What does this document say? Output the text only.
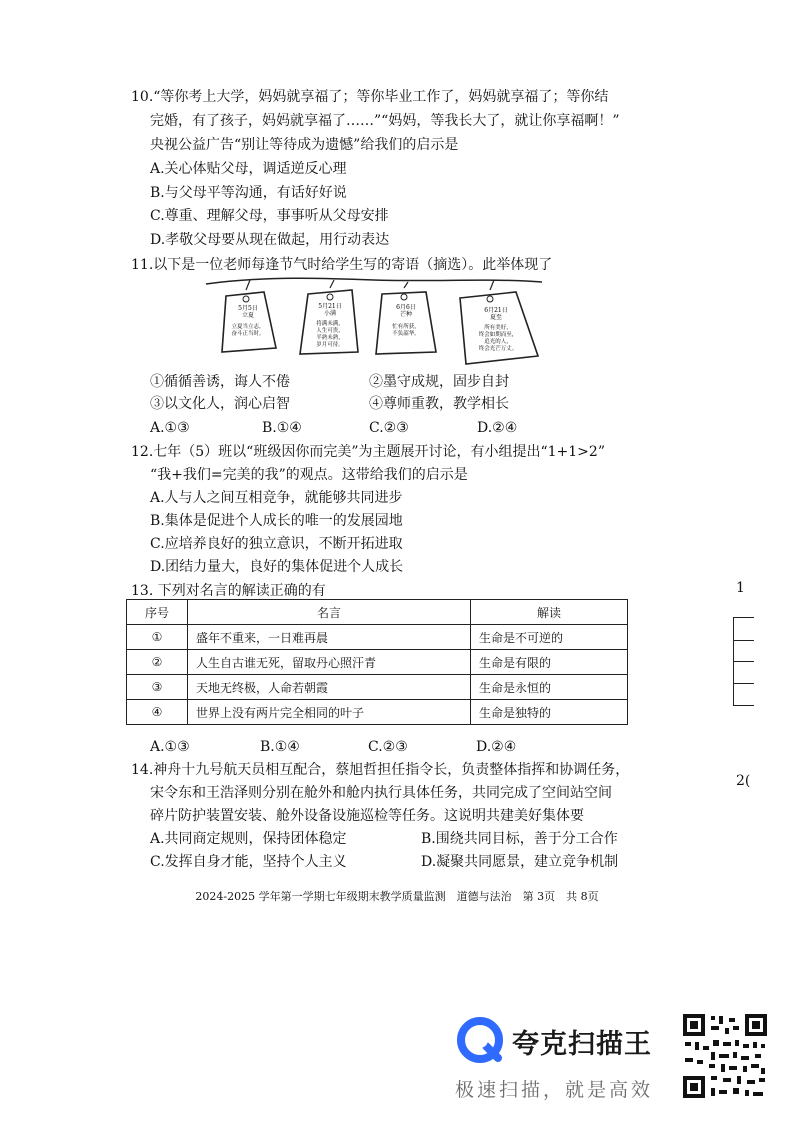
10.“等你考上大学，妈妈就享福了；等你毕业工作了，妈妈就享福了；等你结
完婚，有了孩子，妈妈就享福了……”“妈妈，等我长大了，就让你享福啊！”
央视公益广告“别让等待成为遗憾”给我们的启示是
A.关心体贴父母，调适逆反心理
B.与父母平等沟通，有话好好说
C.尊重、理解父母，事事听从父母安排
D.孝敬父母要从现在做起，用行动表达
11.以下是一位老师每逢节气时给学生写的寄语（摘选）。此举体现了
5月5日
立夏
立夏当立志，
奋斗正当时。
5月21日
小满
将满未满，
人生可贵，
半熟未熟，
岁月可待。
6月6日
芒种
忙有所获，
不负韶华。
6月21日
夏至
所有美好，
终会如期而至，
追光的人，
终会光芒万丈。
①循循善诱，诲人不倦	②墨守成规，固步自封
③以文化人，润心启智	④尊师重教，教学相长
A.①③	B.①④	C.②③	D.②④
12.七年（5）班以“班级因你而完美”为主题展开讨论，有小组提出“1+1>2”
“我+我们=完美的我”的观点。这带给我们的启示是
A.人与人之间互相竞争，就能够共同进步
B.集体是促进个人成长的唯一的发展园地
C.应培养良好的独立意识，不断开拓进取
D.团结力量大，良好的集体促进个人成长
13. 下列对名言的解读正确的有
序号	名言	解读
①	盛年不重来，一日难再晨	生命是不可逆的
②	人生自古谁无死，留取丹心照汗青	生命是有限的
③	天地无终极，人命若朝霞	生命是永恒的
④	世界上没有两片完全相同的叶子	生命是独特的
A.①③	B.①④	C.②③	D.②④
14.神舟十九号航天员相互配合，蔡旭哲担任指令长，负责整体指挥和协调任务，
宋令东和王浩泽则分别在舱外和舱内执行具体任务，共同完成了空间站空间
碎片防护装置安装、舱外设备设施巡检等任务。这说明共建美好集体要
A.共同商定规则，保持团体稳定	B.围绕共同目标，善于分工合作
C.发挥自身才能，坚持个人主义	D.凝聚共同愿景，建立竞争机制
1
2(
2024-2025 学年第一学期七年级期末教学质量监测　道德与法治　第 3页　共 8页
夸克扫描王
极速扫描，就是高效
